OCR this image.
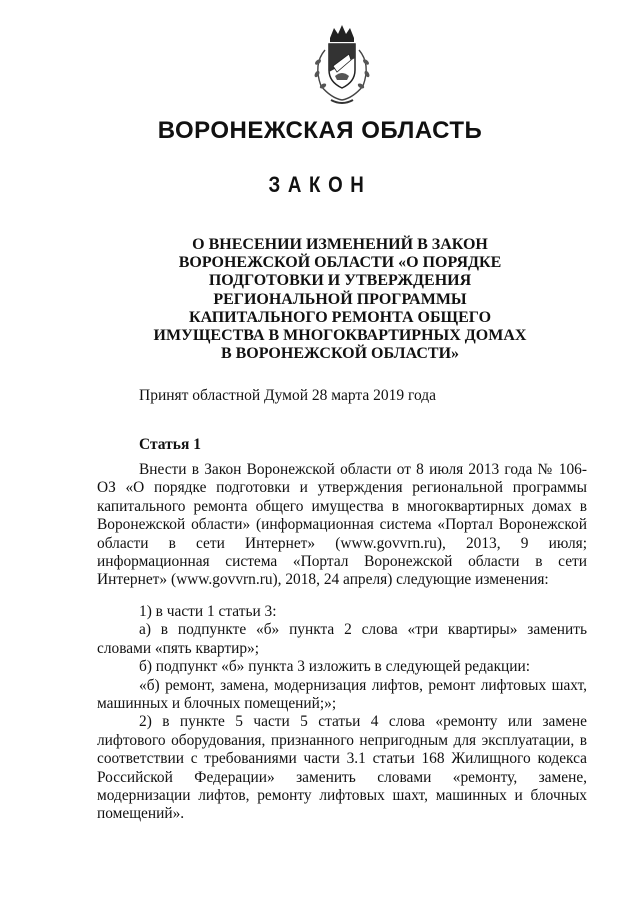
ВОРОНЕЖСКАЯ ОБЛАСТЬ
ЗАКОН
О ВНЕСЕНИИ ИЗМЕНЕНИЙ В ЗАКОН
ВОРОНЕЖСКОЙ ОБЛАСТИ «О ПОРЯДКЕ
ПОДГОТОВКИ И УТВЕРЖДЕНИЯ
РЕГИОНАЛЬНОЙ ПРОГРАММЫ
КАПИТАЛЬНОГО РЕМОНТА ОБЩЕГО
ИМУЩЕСТВА В МНОГОКВАРТИРНЫХ ДОМАХ
В ВОРОНЕЖСКОЙ ОБЛАСТИ»
Принят областной Думой 28 марта 2019 года
Статья 1

Внести в Закон Воронежской области от 8 июля 2013 года № 106-ОЗ «О порядке подготовки и утверждения региональной программы капитального ремонта общего имущества в многоквартирных домах в Воронежской области» (информационная система «Портал Воронежской области в сети Интернет» (www.govvrn.ru), 2013, 9 июля; информационная система «Портал Воронежской области в сети Интернет» (www.govvrn.ru), 2018, 24 апреля) следующие изменения:

1) в части 1 статьи 3:

а) в подпункте «б» пункта 2 слова «три квартиры» заменить словами «пять квартир»;

б) подпункт «б» пункта 3 изложить в следующей редакции:

«б) ремонт, замена, модернизация лифтов, ремонт лифтовых шахт, машинных и блочных помещений;»;

2) в пункте 5 части 5 статьи 4 слова «ремонту или замене лифтового оборудования, признанного непригодным для эксплуатации, в соответствии с требованиями части 3.1 статьи 168 Жилищного кодекса Российской Федерации» заменить словами «ремонту, замене, модернизации лифтов, ремонту лифтовых шахт, машинных и блочных помещений».
